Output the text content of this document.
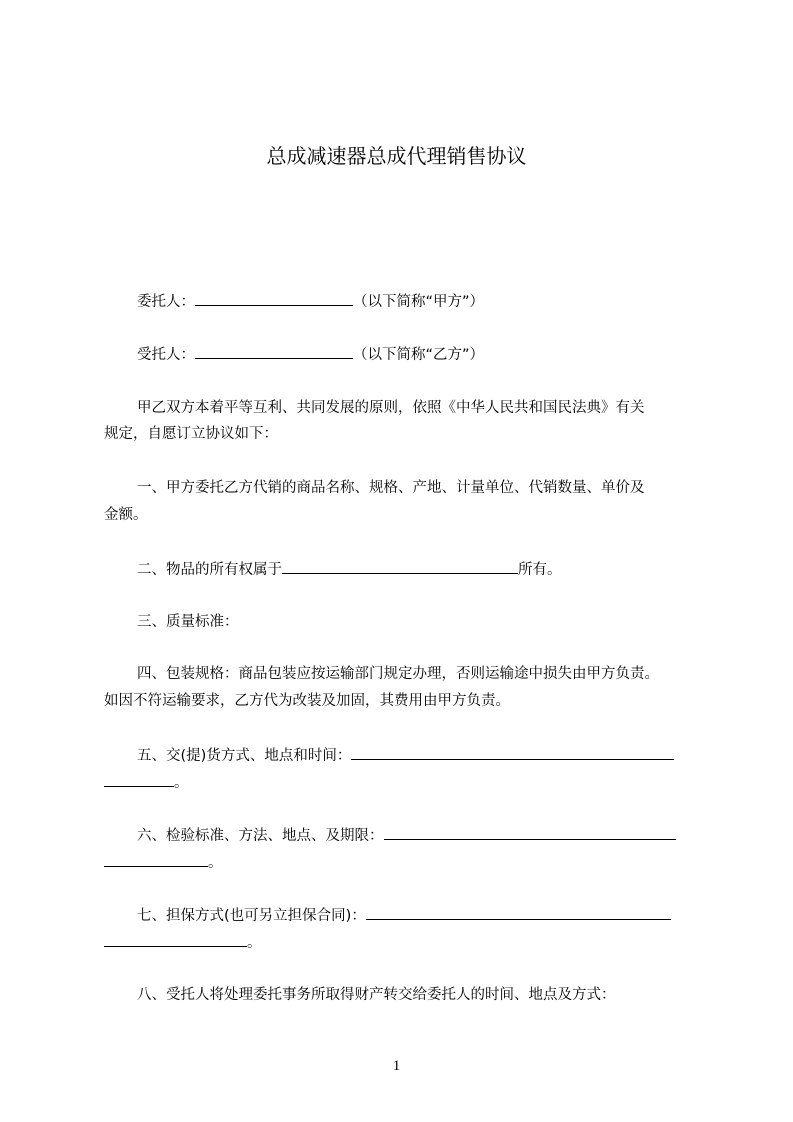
总成减速器总成代理销售协议
委托人：	（以下简称“甲方”）
受托人：	（以下简称“乙方”）
甲乙双方本着平等互利、共同发展的原则，依照《中华人民共和国民法典》有关
规定，自愿订立协议如下：
一、甲方委托乙方代销的商品名称、规格、产地、计量单位、代销数量、单价及
金额。
二、物品的所有权属于	所有。
三、质量标准：
四、包装规格：商品包装应按运输部门规定办理，否则运输途中损失由甲方负责。
如因不符运输要求，乙方代为改装及加固，其费用由甲方负责。
五、交(提)货方式、地点和时间：
。
六、检验标准、方法、地点、及期限：
。
七、担保方式(也可另立担保合同)：
。
八、受托人将处理委托事务所取得财产转交给委托人的时间、地点及方式：
1
